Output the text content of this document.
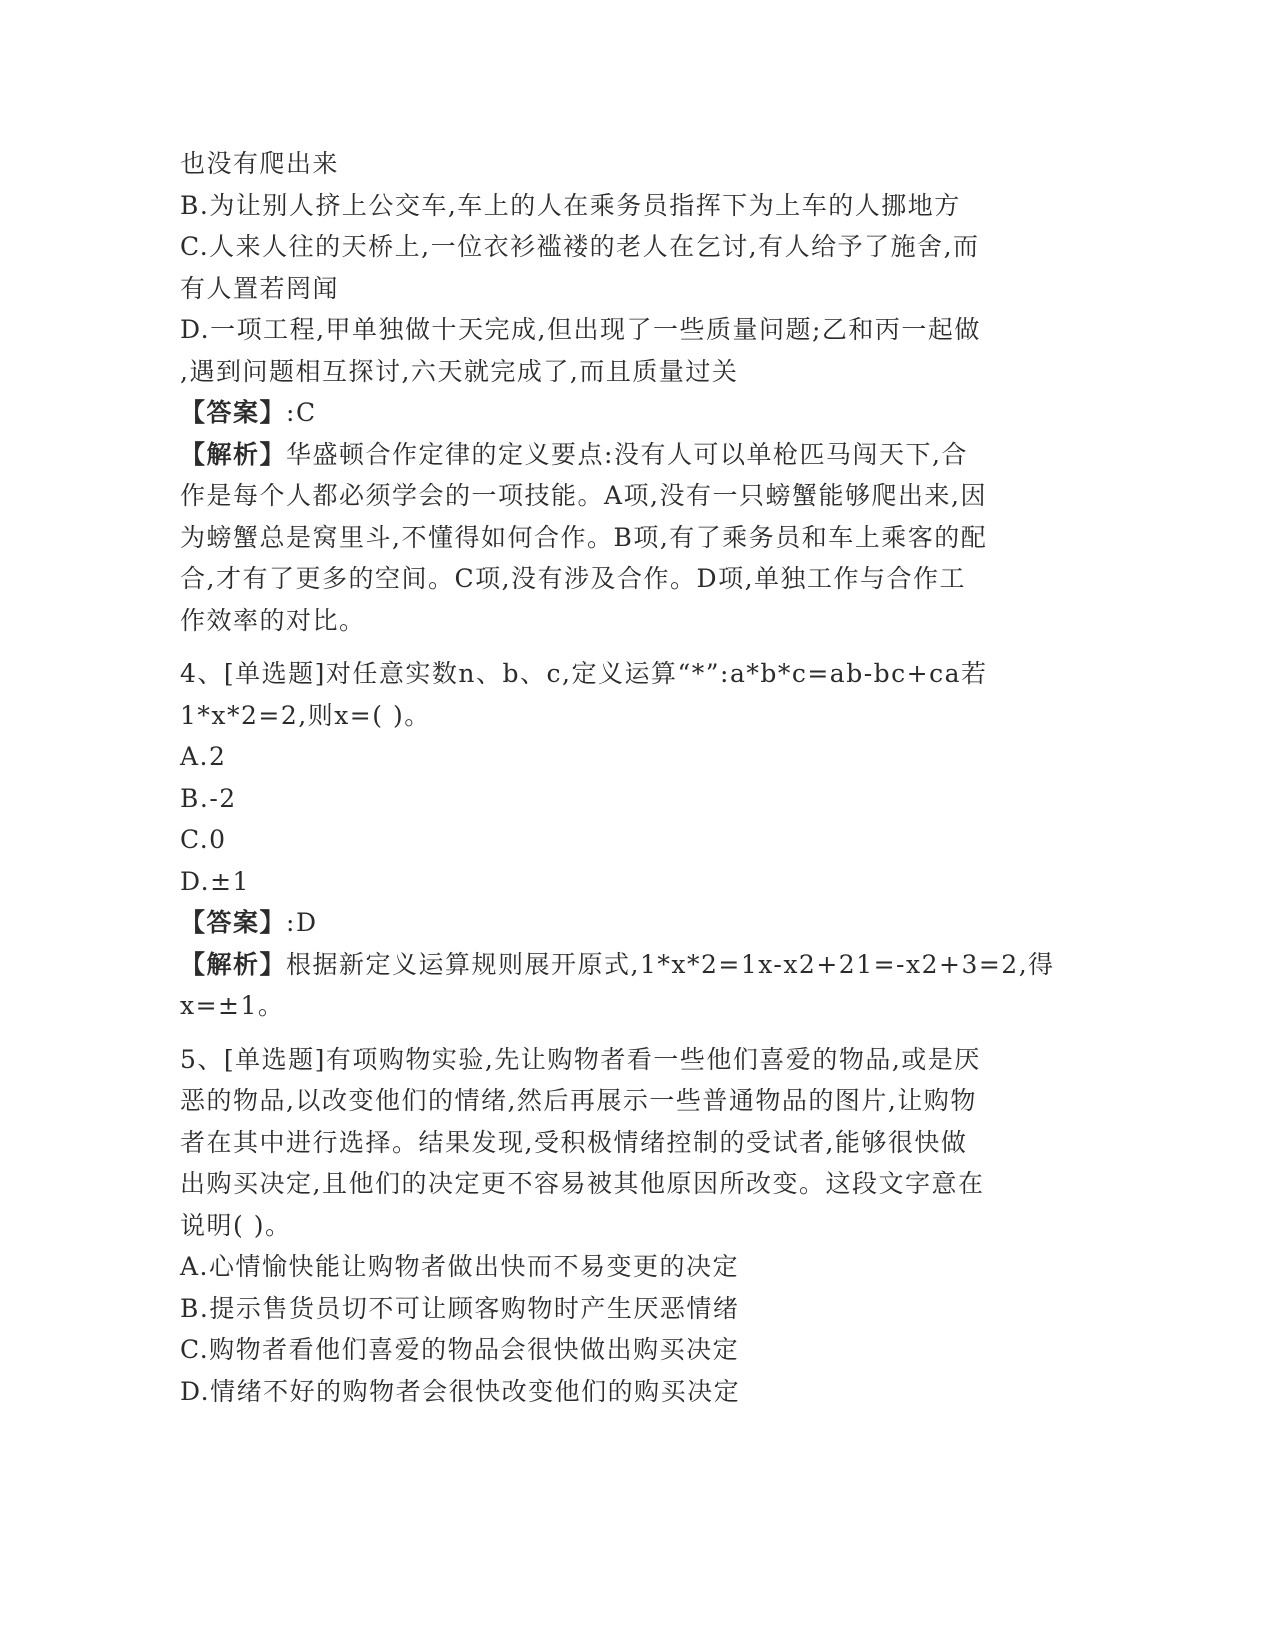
也没有爬出来
B.为让别人挤上公交车,车上的人在乘务员指挥下为上车的人挪地方
C.人来人往的天桥上,一位衣衫褴褛的老人在乞讨,有人给予了施舍,而
有人置若罔闻
D.一项工程,甲单独做十天完成,但出现了一些质量问题;乙和丙一起做
,遇到问题相互探讨,六天就完成了,而且质量过关
【答案】:C
【解析】华盛顿合作定律的定义要点:没有人可以单枪匹马闯天下,合
作是每个人都必须学会的一项技能。A项,没有一只螃蟹能够爬出来,因
为螃蟹总是窝里斗,不懂得如何合作。B项,有了乘务员和车上乘客的配
合,才有了更多的空间。C项,没有涉及合作。D项,单独工作与合作工
作效率的对比。
4、[单选题]对任意实数n、b、c,定义运算“*”:a*b*c=ab-bc+ca若
1*x*2=2,则x=( )。
A.2
B.-2
C.0
D.±1
【答案】:D
【解析】根据新定义运算规则展开原式,1*x*2=1x-x2+21=-x2+3=2,得
x=±1。
5、[单选题]有项购物实验,先让购物者看一些他们喜爱的物品,或是厌
恶的物品,以改变他们的情绪,然后再展示一些普通物品的图片,让购物
者在其中进行选择。结果发现,受积极情绪控制的受试者,能够很快做
出购买决定,且他们的决定更不容易被其他原因所改变。这段文字意在
说明( )。
A.心情愉快能让购物者做出快而不易变更的决定
B.提示售货员切不可让顾客购物时产生厌恶情绪
C.购物者看他们喜爱的物品会很快做出购买决定
D.情绪不好的购物者会很快改变他们的购买决定
